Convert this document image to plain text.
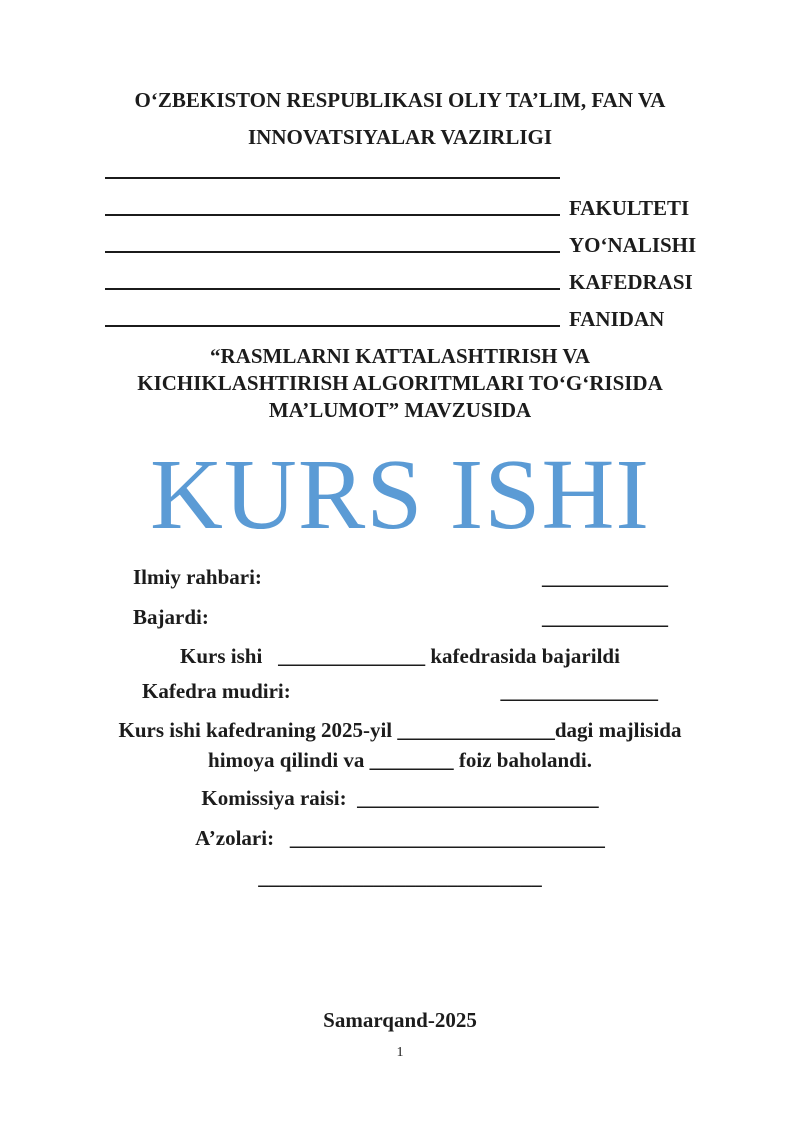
O‘ZBEKISTON RESPUBLIKASI OLIY TA’LIM, FAN VA
INNOVATSIYALAR VAZIRLIGI
FAKULTETI
YO‘NALISHI
KAFEDRASI
FANIDAN
“RASMLARNI KATTALASHTIRISH VA
KICHIKLASHTIRISH ALGORITMLARI TO‘G‘RISIDA
MA’LUMOT” MAVZUSIDA
KURS ISHI
Ilmiy rahbari:	____________
Bajardi:	____________
Kurs ishi   ______________ kafedrasida bajarildi
Kafedra mudiri:	_______________
Kurs ishi kafedraning 2025-yil _______________dagi majlisida
himoya qilindi va ________ foiz baholandi.
Komissiya raisi:  _______________________
A’zolari:   ______________________________
___________________________
Samarqand-2025
1
